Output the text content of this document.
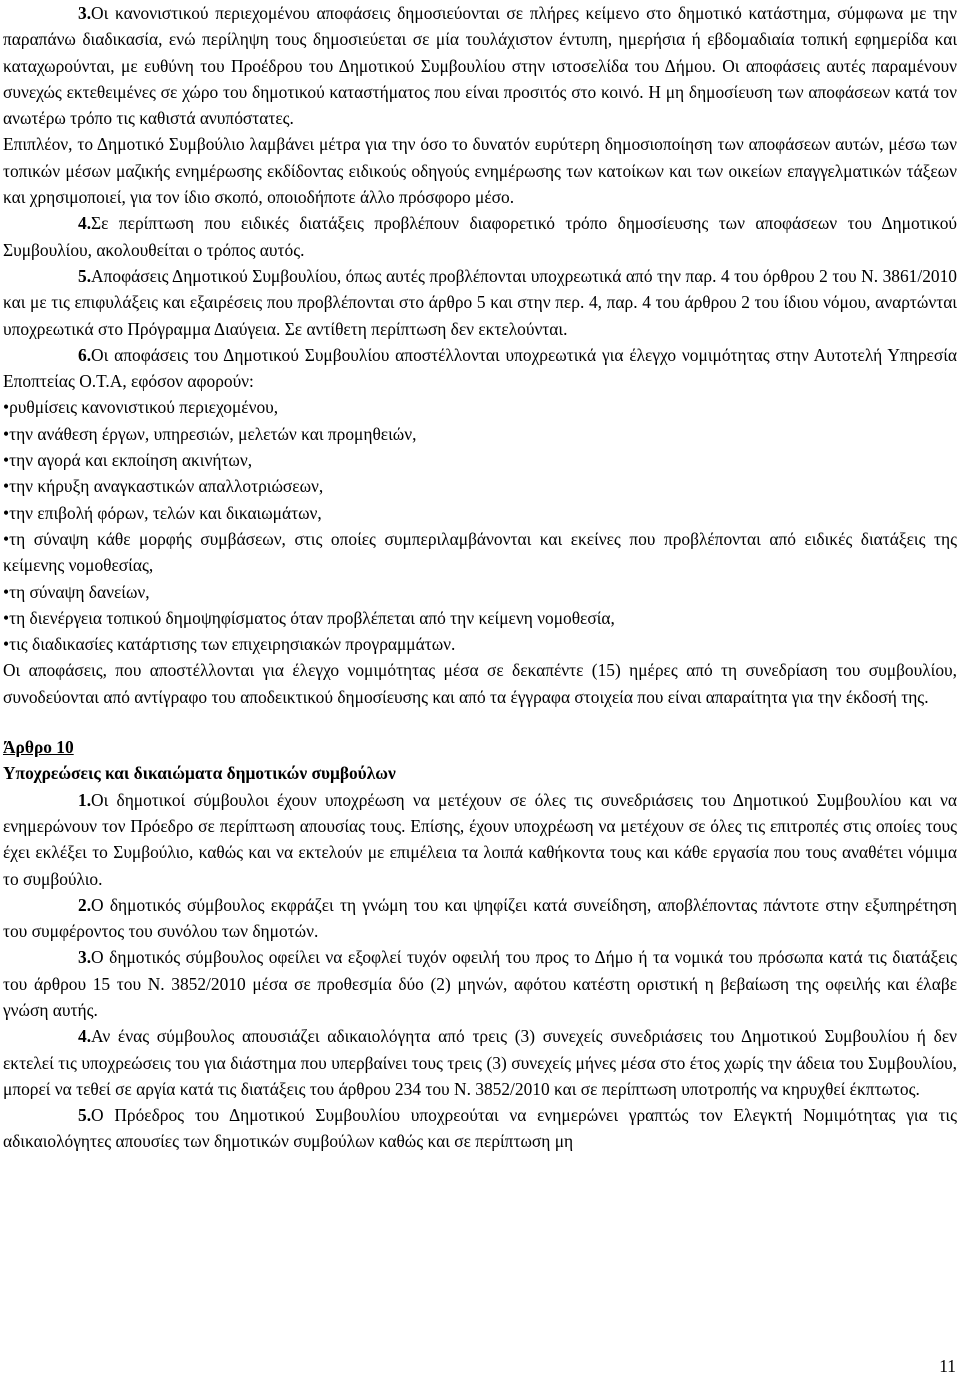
3.Οι κανονιστικού περιεχομένου αποφάσεις δημοσιεύονται σε πλήρες κείμενο στο δημοτικό κατάστημα, σύμφωνα με την παραπάνω διαδικασία, ενώ περίληψη τους δημοσιεύεται σε μία τουλάχιστον έντυπη, ημερήσια ή εβδομαδιαία τοπική εφημερίδα και καταχωρούνται, με ευθύνη του Προέδρου του Δημοτικού Συμβουλίου στην ιστοσελίδα του Δήμου. Οι αποφάσεις αυτές παραμένουν συνεχώς εκτεθειμένες σε χώρο του δημοτικού καταστήματος που είναι προσιτός στο κοινό. Η μη δημοσίευση των αποφάσεων κατά τον ανωτέρω τρόπο τις καθιστά ανυπόστατες.

Επιπλέον, το Δημοτικό Συμβούλιο λαμβάνει μέτρα για την όσο το δυνατόν ευρύτερη δημοσιοποίηση των αποφάσεων αυτών, μέσω των τοπικών μέσων μαζικής ενημέρωσης εκδίδοντας ειδικούς οδηγούς ενημέρωσης των κατοίκων και των οικείων επαγγελματικών τάξεων και χρησιμοποιεί, για τον ίδιο σκοπό, οποιοδήποτε άλλο πρόσφορο μέσο.

4.Σε περίπτωση που ειδικές διατάξεις προβλέπουν διαφορετικό τρόπο δημοσίευσης των αποφάσεων του Δημοτικού Συμβουλίου, ακολουθείται ο τρόπος αυτός.

5.Αποφάσεις Δημοτικού Συμβουλίου, όπως αυτές προβλέπονται υποχρεωτικά από την παρ. 4 του όρθρου 2 του Ν. 3861/2010 και με τις επιφυλάξεις και εξαιρέσεις που προβλέπονται στο άρθρο 5 και στην περ. 4, παρ. 4 του άρθρου 2 του ίδιου νόμου, αναρτώνται υποχρεωτικά στο Πρόγραμμα Διαύγεια. Σε αντίθετη περίπτωση δεν εκτελούνται.

6.Οι αποφάσεις του Δημοτικού Συμβουλίου αποστέλλονται υποχρεωτικά για έλεγχο νομιμότητας στην Αυτοτελή Υπηρεσία Εποπτείας Ο.Τ.Α, εφόσον αφορούν:

• ρυθμίσεις κανονιστικού περιεχομένου,
• την ανάθεση έργων, υπηρεσιών, μελετών και προμηθειών,
• την αγορά και εκποίηση ακινήτων,
• την κήρυξη αναγκαστικών απαλλοτριώσεων,
• την επιβολή φόρων, τελών και δικαιωμάτων,
• τη σύναψη κάθε μορφής συμβάσεων, στις οποίες συμπεριλαμβάνονται και εκείνες που προβλέπονται από ειδικές διατάξεις της κείμενης νομοθεσίας,
• τη σύναψη δανείων,
• τη διενέργεια τοπικού δημοψηφίσματος όταν προβλέπεται από την κείμενη νομοθεσία,
• τις διαδικασίες κατάρτισης των επιχειρησιακών προγραμμάτων.

Οι αποφάσεις, που αποστέλλονται για έλεγχο νομιμότητας μέσα σε δεκαπέντε (15) ημέρες από τη συνεδρίαση του συμβουλίου, συνοδεύονται από αντίγραφο του αποδεικτικού δημοσίευσης και από τα έγγραφα στοιχεία που είναι απαραίτητα για την έκδοσή της.

Άρθρο 10

Υποχρεώσεις και δικαιώματα δημοτικών συμβούλων

1.Οι δημοτικοί σύμβουλοι έχουν υποχρέωση να μετέχουν σε όλες τις συνεδριάσεις του Δημοτικού Συμβουλίου και να ενημερώνουν τον Πρόεδρο σε περίπτωση απουσίας τους. Επίσης, έχουν υποχρέωση να μετέχουν σε όλες τις επιτροπές στις οποίες τους έχει εκλέξει το Συμβούλιο, καθώς και να εκτελούν με επιμέλεια τα λοιπά καθήκοντα τους και κάθε εργασία που τους αναθέτει νόμιμα το συμβούλιο.

2.Ο δημοτικός σύμβουλος εκφράζει τη γνώμη του και ψηφίζει κατά συνείδηση, αποβλέποντας πάντοτε στην εξυπηρέτηση του συμφέροντος του συνόλου των δημοτών.

3.Ο δημοτικός σύμβουλος οφείλει να εξοφλεί τυχόν οφειλή του προς το Δήμο ή τα νομικά του πρόσωπα κατά τις διατάξεις του άρθρου 15 του Ν. 3852/2010 μέσα σε προθεσμία δύο (2) μηνών, αφότου κατέστη οριστική η βεβαίωση της οφειλής και έλαβε γνώση αυτής.

4.Αν ένας σύμβουλος απουσιάζει αδικαιολόγητα από τρεις (3) συνεχείς συνεδριάσεις του Δημοτικού Συμβουλίου ή δεν εκτελεί τις υποχρεώσεις του για διάστημα που υπερβαίνει τους τρεις (3) συνεχείς μήνες μέσα στο έτος χωρίς την άδεια του Συμβουλίου, μπορεί να τεθεί σε αργία κατά τις διατάξεις του άρθρου 234 του Ν. 3852/2010 και σε περίπτωση υποτροπής να κηρυχθεί έκπτωτος.

5.Ο Πρόεδρος του Δημοτικού Συμβουλίου υποχρεούται να ενημερώνει γραπτώς τον Ελεγκτή Νομιμότητας για τις αδικαιολόγητες απουσίες των δημοτικών συμβούλων καθώς και σε περίπτωση μη

11
